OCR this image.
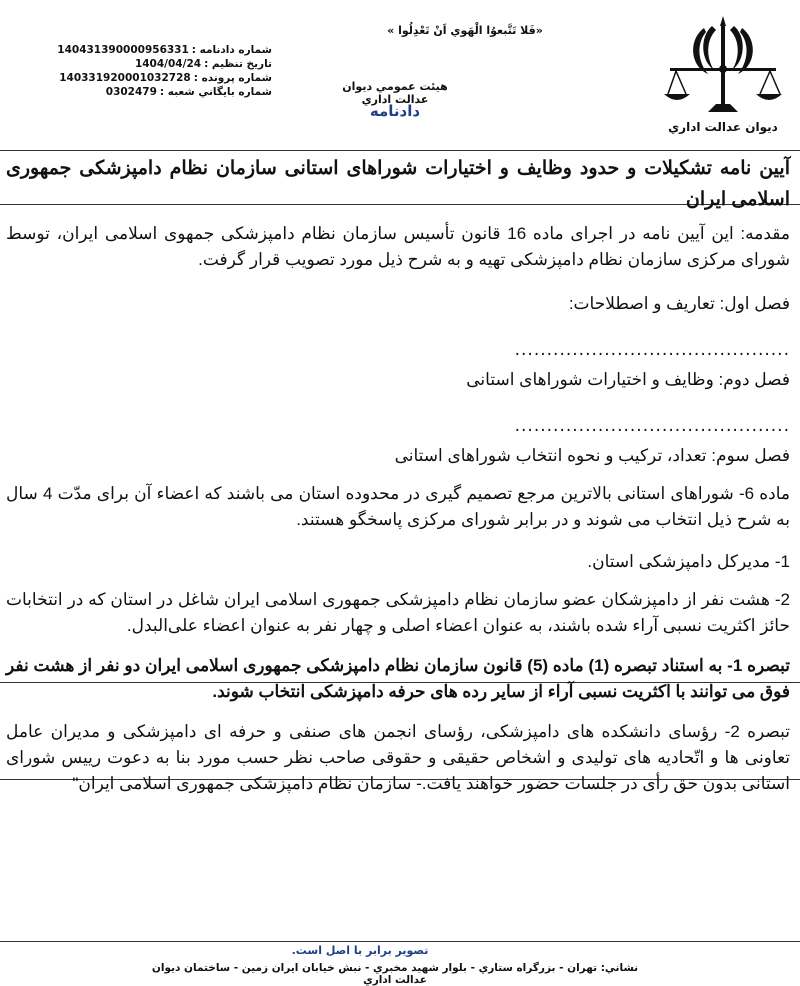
ديوان عدالت اداري
«فَلا تَتَّبعوُا الْهَوي اَنْ تَعْدِلُوا »
هيئت عمومي ديوان عدالت اداري
دادنامه
شماره دادنامه :140431390000956331
تاريخ تنظيم :1404/04/24
شماره پرونده :140331920001032728
شماره بايگاني شعبه :0302479

آیین نامه تشکیلات و حدود وظایف و اختیارات شوراهای استانی سازمان نظام دامپزشکی جمهوری اسلامی ایران

مقدمه: این آیین نامه در اجرای ماده 16 قانون تأسیس سازمان نظام دامپزشکی جمهوی اسلامی ایران، توسط شورای مرکزی سازمان نظام دامپزشکی تهیه و به شرح ذیل مورد تصویب قرار گرفت.

فصل اول: تعاریف و اصطلاحات:

...........................................

فصل دوم: وظایف و اختیارات شوراهای استانی

...........................................

فصل سوم: تعداد، ترکیب و نحوه انتخاب شوراهای استانی

ماده 6- شوراهای استانی بالاترین مرجع تصمیم گیری در محدوده استان می باشند که اعضاء آن برای مدّت 4 سال به شرح ذیل انتخاب می شوند و در برابر شورای مرکزی پاسخگو هستند.

1- مدیرکل دامپزشکی استان.

2- هشت نفر از دامپزشکان عضو سازمان نظام دامپزشکی جمهوری اسلامی ایران شاغل در استان که در انتخابات حائز اکثریت نسبی آراء شده باشند، به عنوان اعضاء اصلی و چهار نفر به عنوان اعضاء علی‌البدل.

تبصره 1- به استناد تبصره (1) ماده (5) قانون سازمان نظام دامپزشکی جمهوری اسلامی ایران دو نفر از هشت نفر فوق می توانند با اکثریت نسبی آراء از سایر رده های حرفه دامپزشکی انتخاب شوند.

تبصره 2- رؤسای دانشکده های دامپزشکی، رؤسای انجمن های صنفی و حرفه ای دامپزشکی و مدیران عامل تعاونی ها و اتّحادیه های تولیدی و اشخاص حقیقی و حقوقی صاحب نظر حسب مورد بنا به دعوت رییس شورای استانی بدون حق رأی در جلسات حضور خواهند یافت.- سازمان نظام دامپزشکی جمهوری اسلامی ایران"

تصوير برابر با اصل است.
نشاني: تهران - بزرگراه ستاري - بلوار شهيد مخبري - نبش خيابان ايران زمين - ساختمان ديوان عدالت اداري
